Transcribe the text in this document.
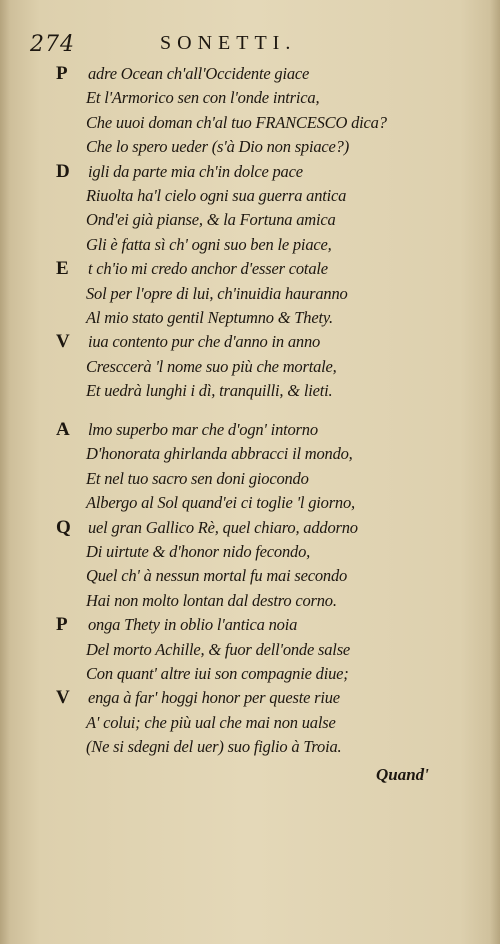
274	SONETTI.
P adre Ocean ch'all'Occidente giace
Et l'Armorico sen con l'onde intrica,
Che uuoi doman ch'al tuo FRANCESCO dica?
Che lo spero ueder (s'à Dio non spiace?)
D igli da parte mia ch'in dolce pace
Riuolta ha'l cielo ogni sua guerra antica
Ond'ei già pianse, & la Fortuna amica
Gli è fatta sì ch' ogni suo ben le piace,
E t ch'io mi credo anchor d'esser cotale
Sol per l'opre di lui, ch'inuidia hauranno
Al mio stato gentil Neptumno & Thety.
V iua contento pur che d'anno in anno
Cresccerà 'l nome suo più che mortale,
Et uedrà lunghi i dì, tranquilli, & lieti.
A lmo superbo mar che d'ogn' intorno
D'honorata ghirlanda abbracci il mondo,
Et nel tuo sacro sen doni giocondo
Albergo al Sol quand'ei ci toglie 'l giorno,
Q uel gran Gallico Rè, quel chiaro, addorno
Di uirtute & d'honor nido fecondo,
Quel ch' à nessun mortal fu mai secondo
Hai non molto lontan dal destro corno.
P onga Thety in oblio l'antica noia
Del morto Achille, & fuor dell'onde salse
Con quant' altre iui son compagnie diue;
V enga à far' hoggi honor per queste riue
A' colui; che più ual che mai non ualse
(Ne si sdegni del uer) suo figlio à Troia.
Quand'
